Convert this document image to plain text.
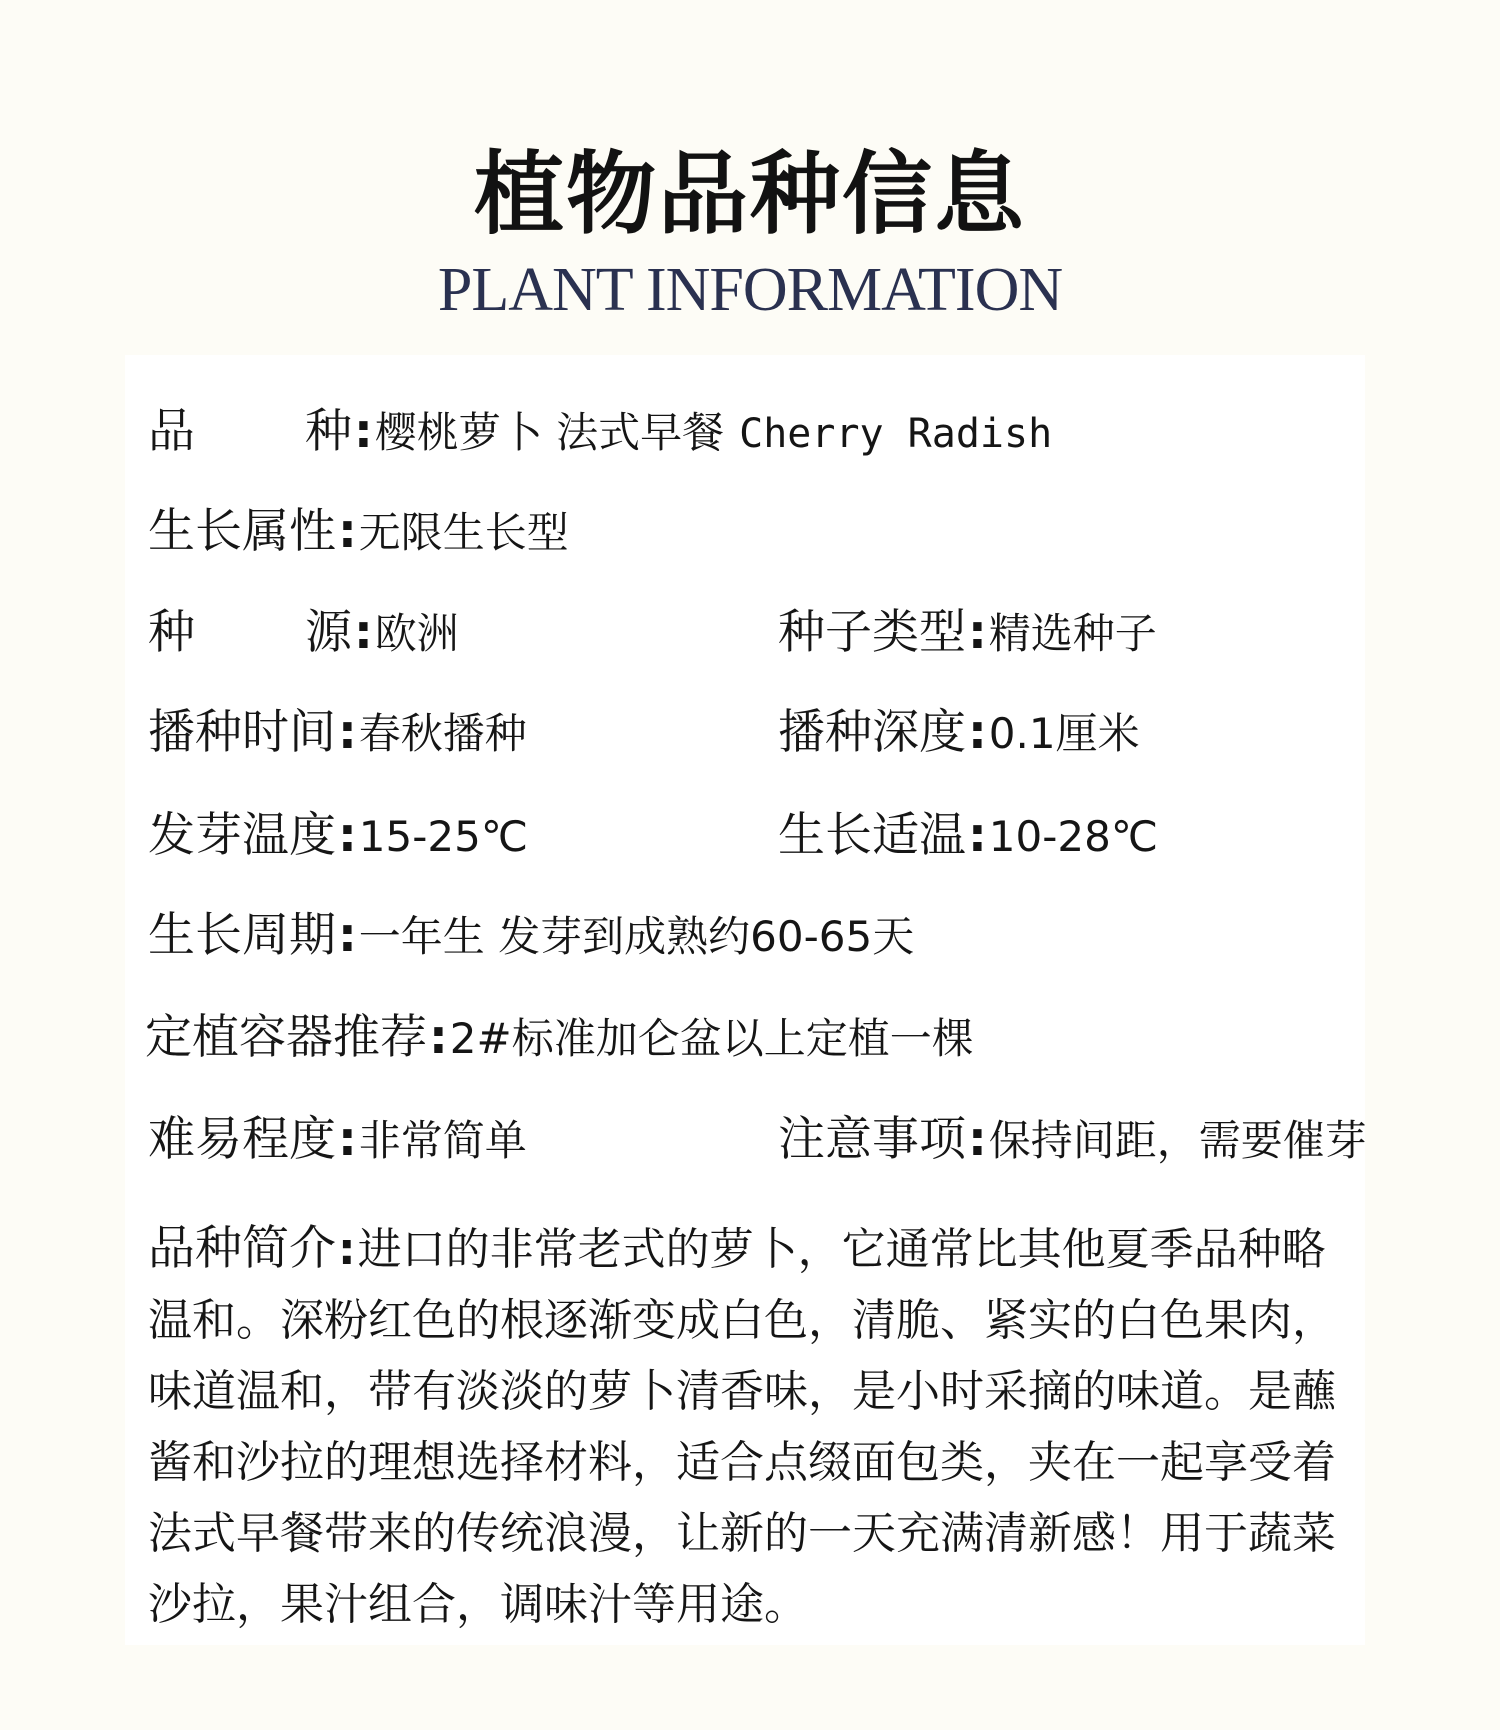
植物品种信息
PLANT INFORMATION
品 种:樱桃萝卜 法式早餐 Cherry Radish
生长属性:无限生长型
种 源:欧洲	种子类型:精选种子
播种时间:春秋播种	播种深度:0.1厘米
发芽温度:15-25℃	生长适温:10-28℃
生长周期:一年生 发芽到成熟约60-65天
定植容器推荐:2#标准加仑盆以上定植一棵
难易程度:非常简单	注意事项:保持间距，需要催芽
品种简介:进口的非常老式的萝卜，它通常比其他夏季品种略温和。深粉红色的根逐渐变成白色，清脆、紧实的白色果肉，味道温和，带有淡淡的萝卜清香味，是小时采摘的味道。是蘸酱和沙拉的理想选择材料，适合点缀面包类，夹在一起享受着法式早餐带来的传统浪漫，让新的一天充满清新感！用于蔬菜沙拉，果汁组合，调味汁等用途。
